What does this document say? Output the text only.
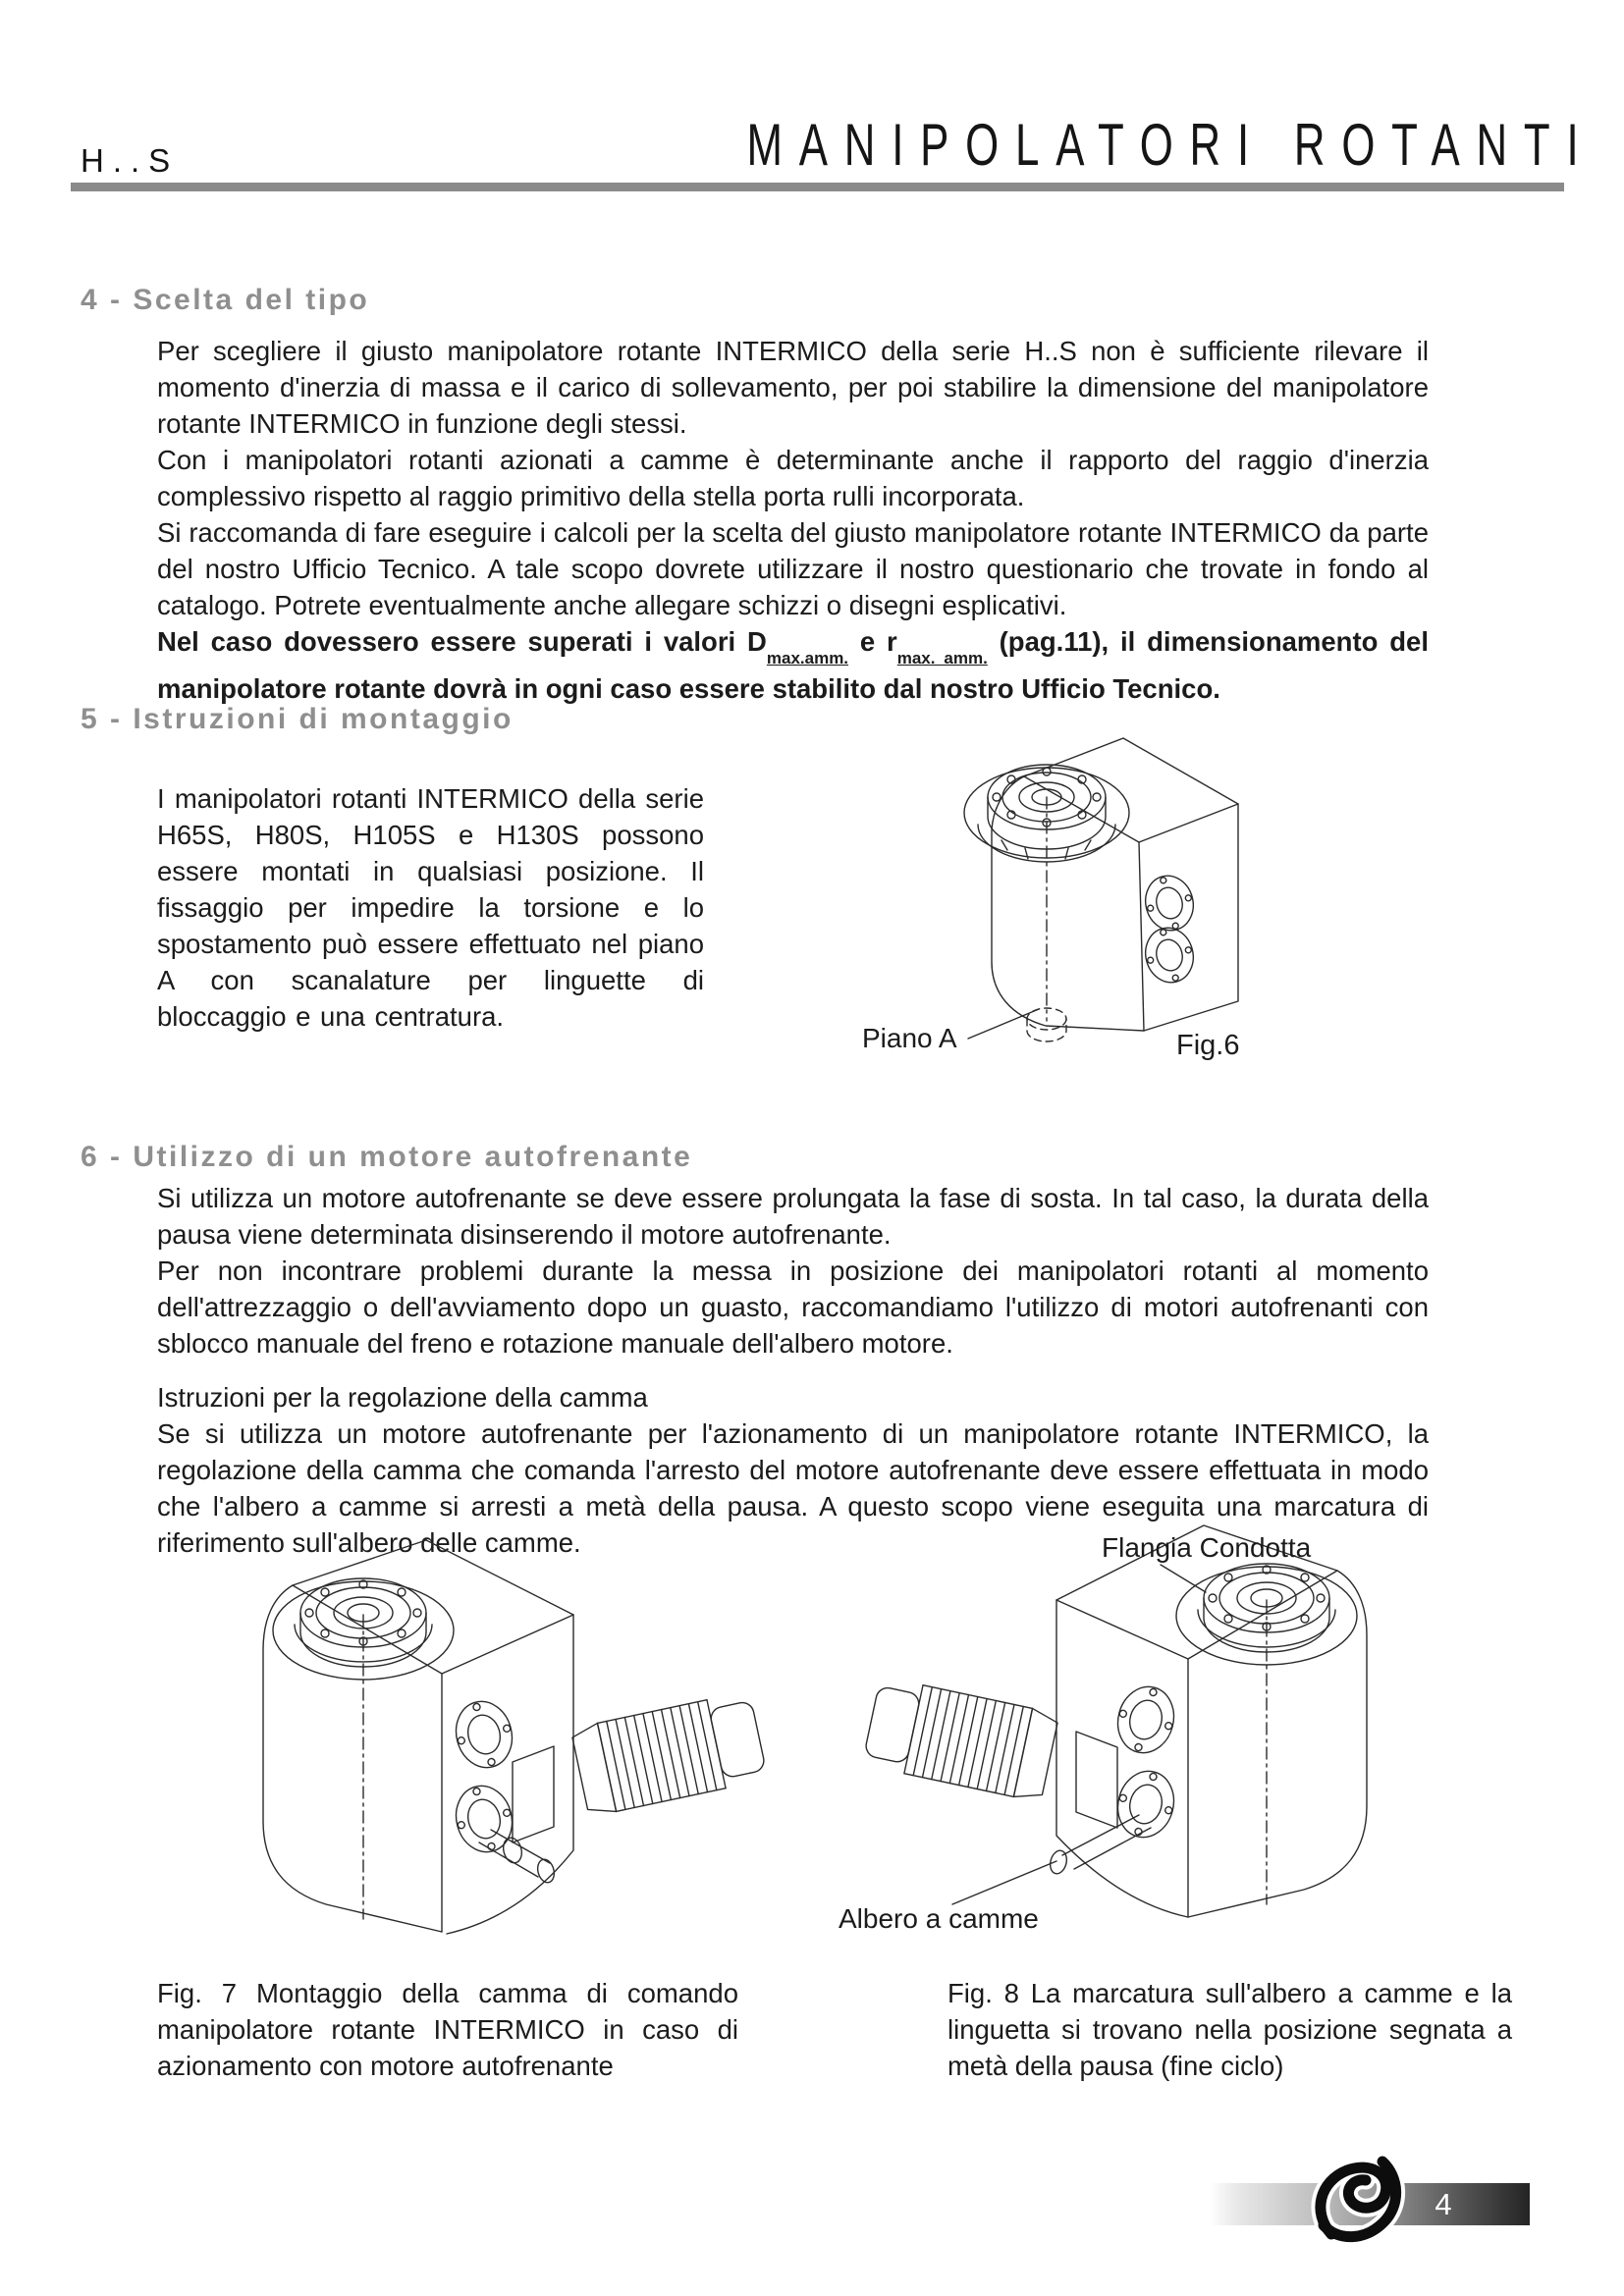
H..S	MANIPOLATORI ROTANTI
4 - Scelta del tipo

Per scegliere il giusto manipolatore rotante INTERMICO della serie H..S non è sufficiente rilevare il momento d'inerzia di massa e il carico di sollevamento, per poi stabilire la dimensione del manipolatore rotante INTERMICO in funzione degli stessi.

Con i manipolatori rotanti azionati a camme è determinante anche il rapporto del raggio d'inerzia complessivo rispetto al raggio primitivo della stella porta rulli incorporata.

Si raccomanda di fare eseguire i calcoli per la scelta del giusto manipolatore rotante INTERMICO da parte del nostro Ufficio Tecnico. A tale scopo dovrete utilizzare il nostro questionario che trovate in fondo al catalogo. Potrete eventualmente anche allegare schizzi o disegni esplicativi.

Nel caso dovessero essere superati i valori $D_{max.amm.}$ e $r_{max. amm.}$ (pag.11), il dimensionamento del

manipolatore rotante dovrà in ogni caso essere stabilito dal nostro Ufficio Tecnico.

5 - Istruzioni di montaggio

I manipolatori rotanti INTERMICO della serie H65S, H80S, H105S e H130S possono essere montati in qualsiasi posizione. Il fissaggio per impedire la torsione e lo spostamento può essere effettuato nel piano A con scanalature per linguette di bloccaggio e una centratura.

Piano A	Fig.6
6 - Utilizzo di un motore autofrenante

Si utilizza un motore autofrenante se deve essere prolungata la fase di sosta. In tal caso, la durata della pausa viene determinata disinserendo il motore autofrenante.

Per non incontrare problemi durante la messa in posizione dei manipolatori rotanti al momento dell'attrezzaggio o dell'avviamento dopo un guasto, raccomandiamo l'utilizzo di motori autofrenanti con sblocco manuale del freno e rotazione manuale dell'albero motore.

Istruzioni per la regolazione della camma

Se si utilizza un motore autofrenante per l'azionamento di un manipolatore rotante INTERMICO, la regolazione della camma che comanda l'arresto del motore autofrenante deve essere effettuata in modo che l'albero a camme si arresti a metà della pausa. A questo scopo viene eseguita una marcatura di riferimento sull'albero delle camme.	Flangia Condotta
Albero a camme

Fig. 7 Montaggio della camma di comando manipolatore rotante INTERMICO in caso di azionamento con motore autofrenante

Fig. 8 La marcatura sull'albero a camme e la linguetta si trovano nella posizione segnata a metà della pausa (fine ciclo)

4
